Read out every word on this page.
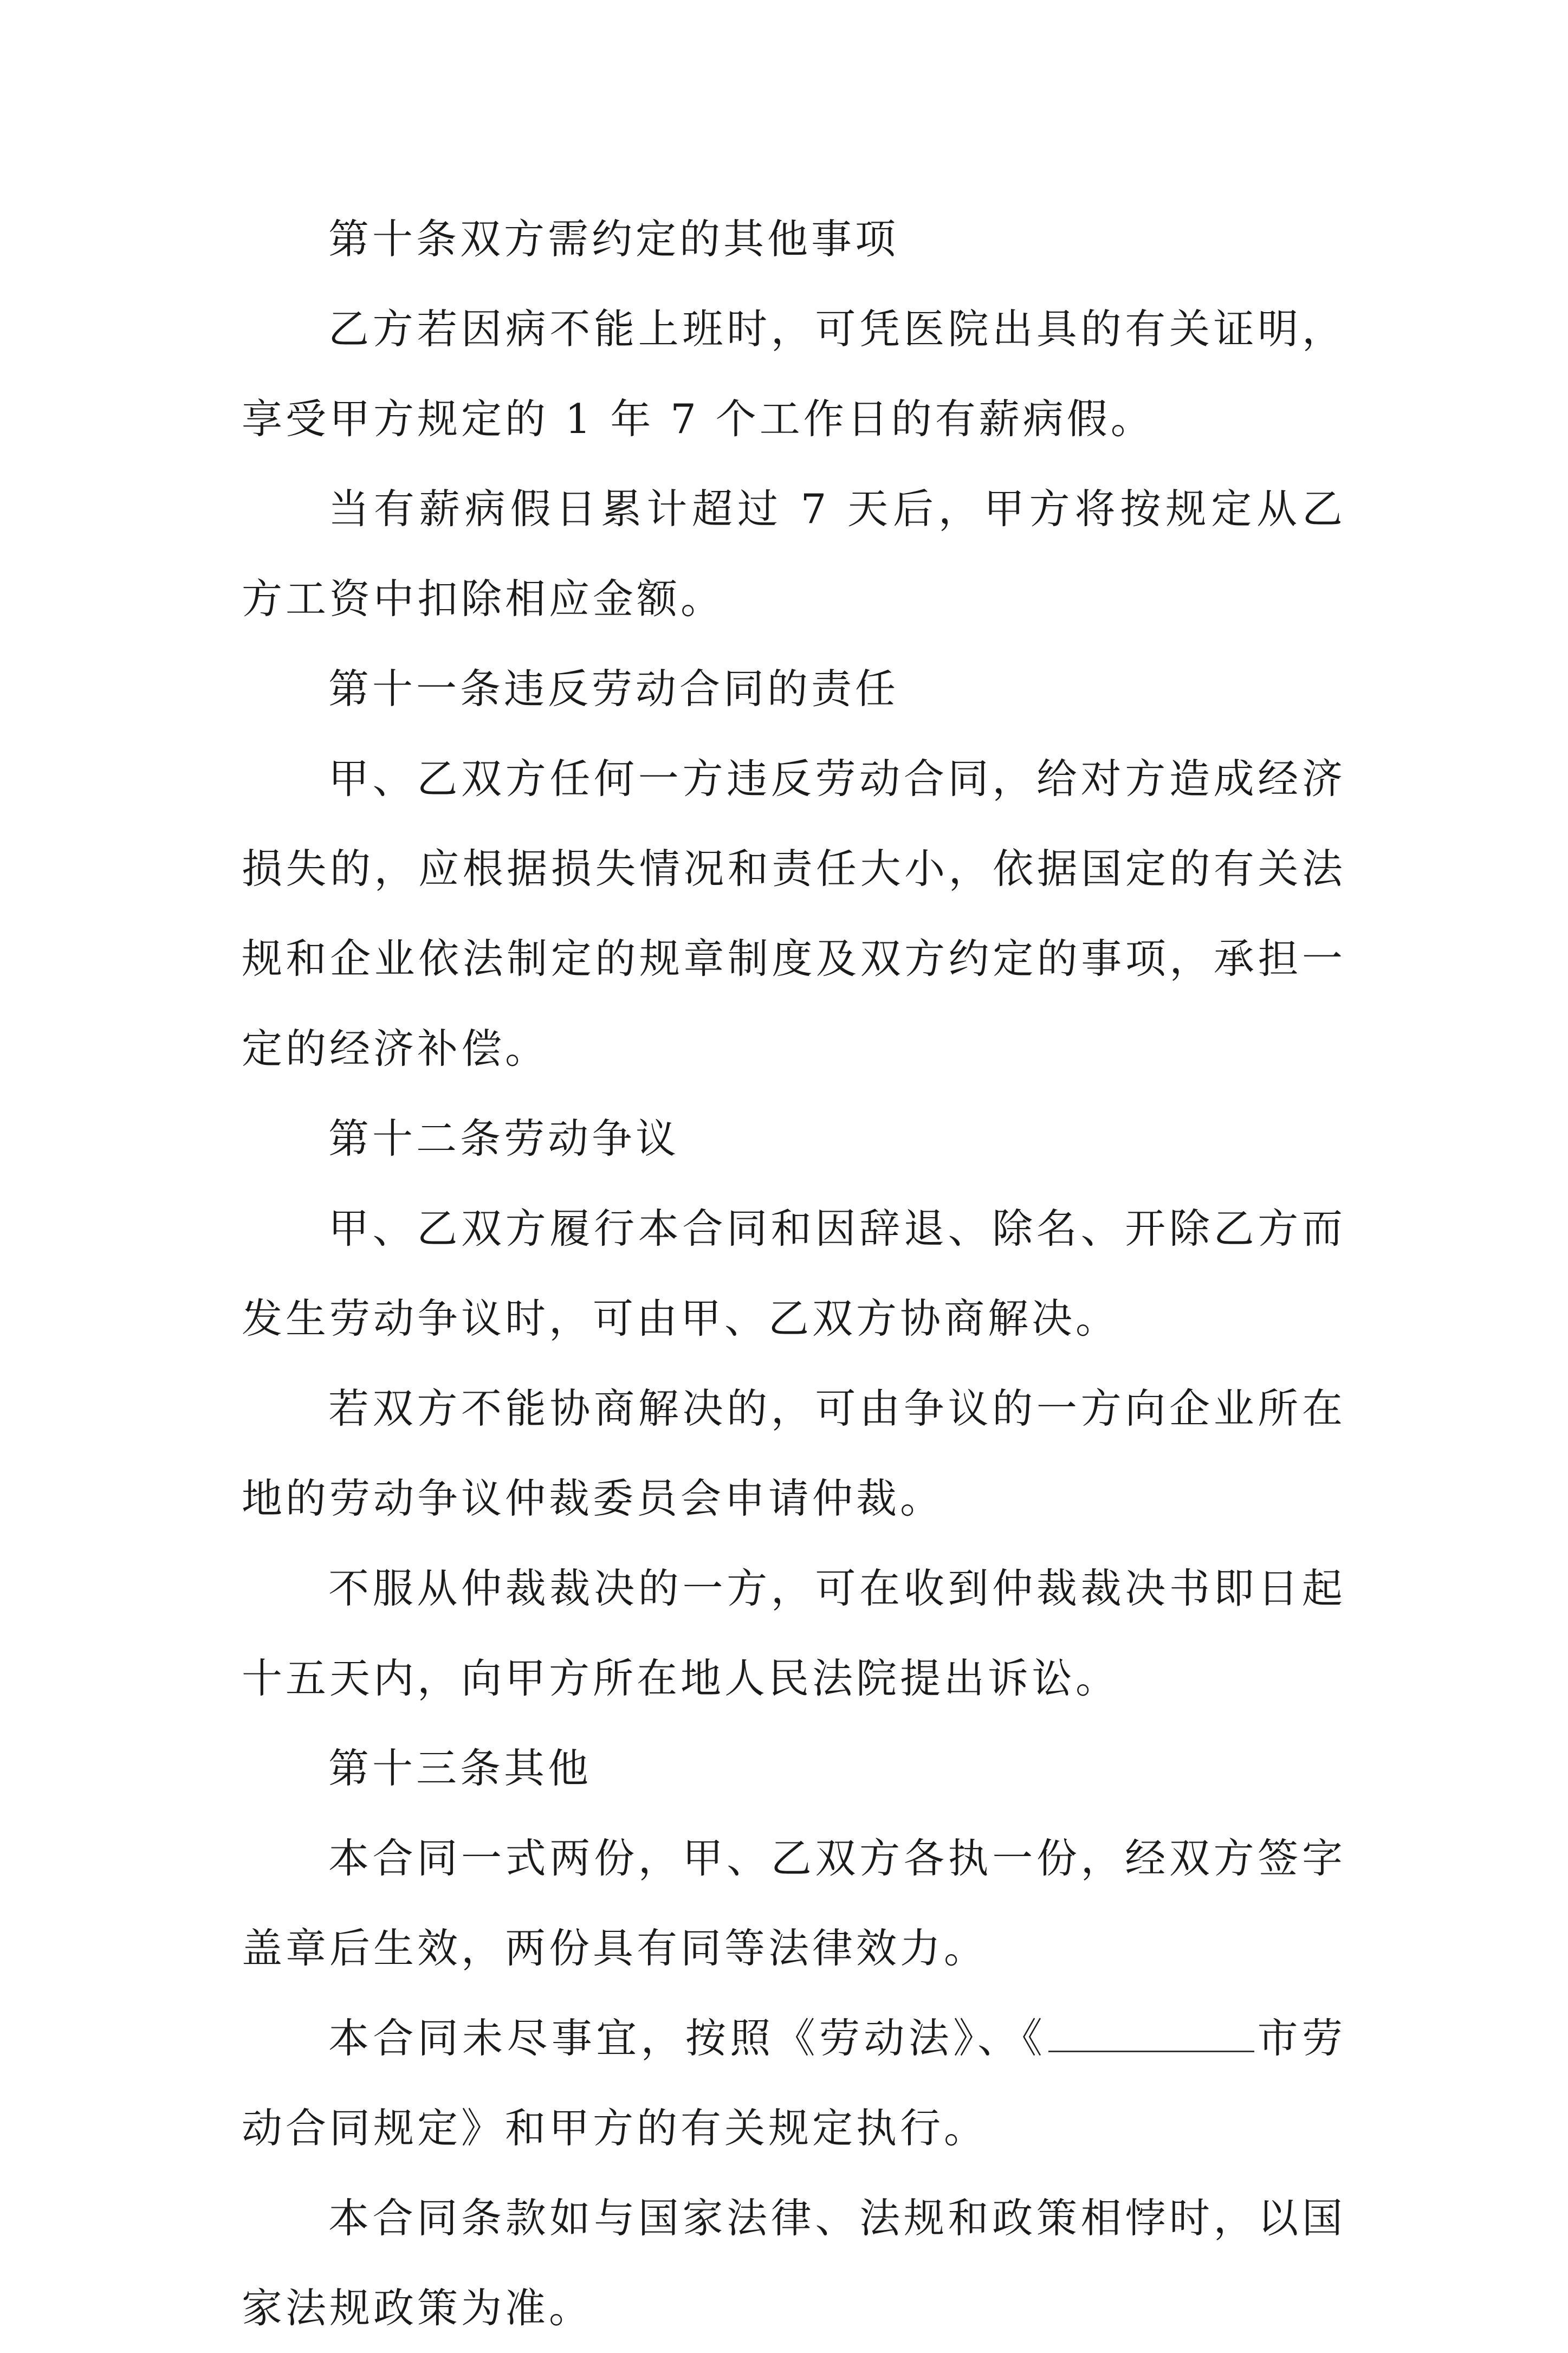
第十条双方需约定的其他事项

乙方若因病不能上班时，可凭医院出具的有关证明，享受甲方规定的 1 年 7 个工作日的有薪病假。

当有薪病假日累计超过 7 天后，甲方将按规定从乙方工资中扣除相应金额。

第十一条违反劳动合同的责任

甲、乙双方任何一方违反劳动合同，给对方造成经济损失的，应根据损失情况和责任大小，依据国定的有关法规和企业依法制定的规章制度及双方约定的事项，承担一定的经济补偿。

第十二条劳动争议

甲、乙双方履行本合同和因辞退、除名、开除乙方而发生劳动争议时，可由甲、乙双方协商解决。

若双方不能协商解决的，可由争议的一方向企业所在地的劳动争议仲裁委员会申请仲裁。

不服从仲裁裁决的一方，可在收到仲裁裁决书即日起十五天内，向甲方所在地人民法院提出诉讼。

第十三条其他

本合同一式两份，甲、乙双方各执一份，经双方签字盖章后生效，两份具有同等法律效力。

本合同未尽事宜，按照《劳动法》、《	市劳动合同规定》和甲方的有关规定执行。

本合同条款如与国家法律、法规和政策相悖时，以国家法规政策为准。
